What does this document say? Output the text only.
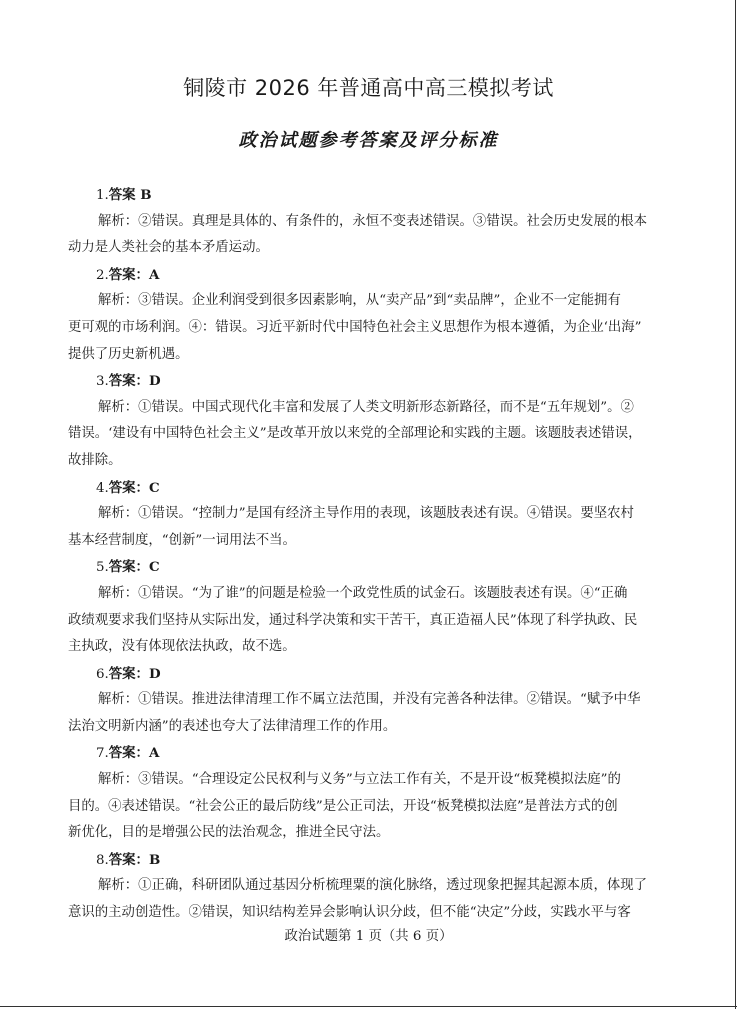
铜陵市 2026 年普通高中高三模拟考试
政治试题参考答案及评分标准
1.答案 B
解析：②错误。真理是具体的、有条件的，永恒不变表述错误。③错误。社会历史发展的根本
动力是人类社会的基本矛盾运动。
2.答案：A
解析：③错误。企业利润受到很多因素影响，从“卖产品”到“卖品牌”，企业不一定能拥有
更可观的市场利润。④：错误。习近平新时代中国特色社会主义思想作为根本遵循，为企业‘出海”
提供了历史新机遇。
3.答案：D
解析：①错误。中国式现代化丰富和发展了人类文明新形态新路径，而不是“五年规划”。②
错误。‘建设有中国特色社会主义”是改革开放以来党的全部理论和实践的主题。该题肢表述错误，
故排除。
4.答案：C
解析：①错误。“控制力”是国有经济主导作用的表现，该题肢表述有误。④错误。要坚农村
基本经营制度，“创新”一词用法不当。
5.答案：C
解析：①错误。“为了谁”的问题是检验一个政党性质的试金石。该题肢表述有误。④“正确
政绩观要求我们坚持从实际出发，通过科学决策和实干苦干，真正造福人民”体现了科学执政、民
主执政，没有体现依法执政，故不选。
6.答案：D
解析：①错误。推进法律清理工作不属立法范围，并没有完善各种法律。②错误。“赋予中华
法治文明新内涵”的表述也夸大了法律清理工作的作用。
7.答案：A
解析：③错误。“合理设定公民权利与义务”与立法工作有关，不是开设“板凳模拟法庭”的
目的。④表述错误。“社会公正的最后防线”是公正司法，开设“板凳模拟法庭”是普法方式的创
新优化，目的是增强公民的法治观念，推进全民守法。
8.答案：B
解析：①正确，科研团队通过基因分析梳理粟的演化脉络，透过现象把握其起源本质，体现了
意识的主动创造性。②错误，知识结构差异会影响认识分歧，但不能“决定”分歧，实践水平与客
政治试题第 1 页（共 6 页）
